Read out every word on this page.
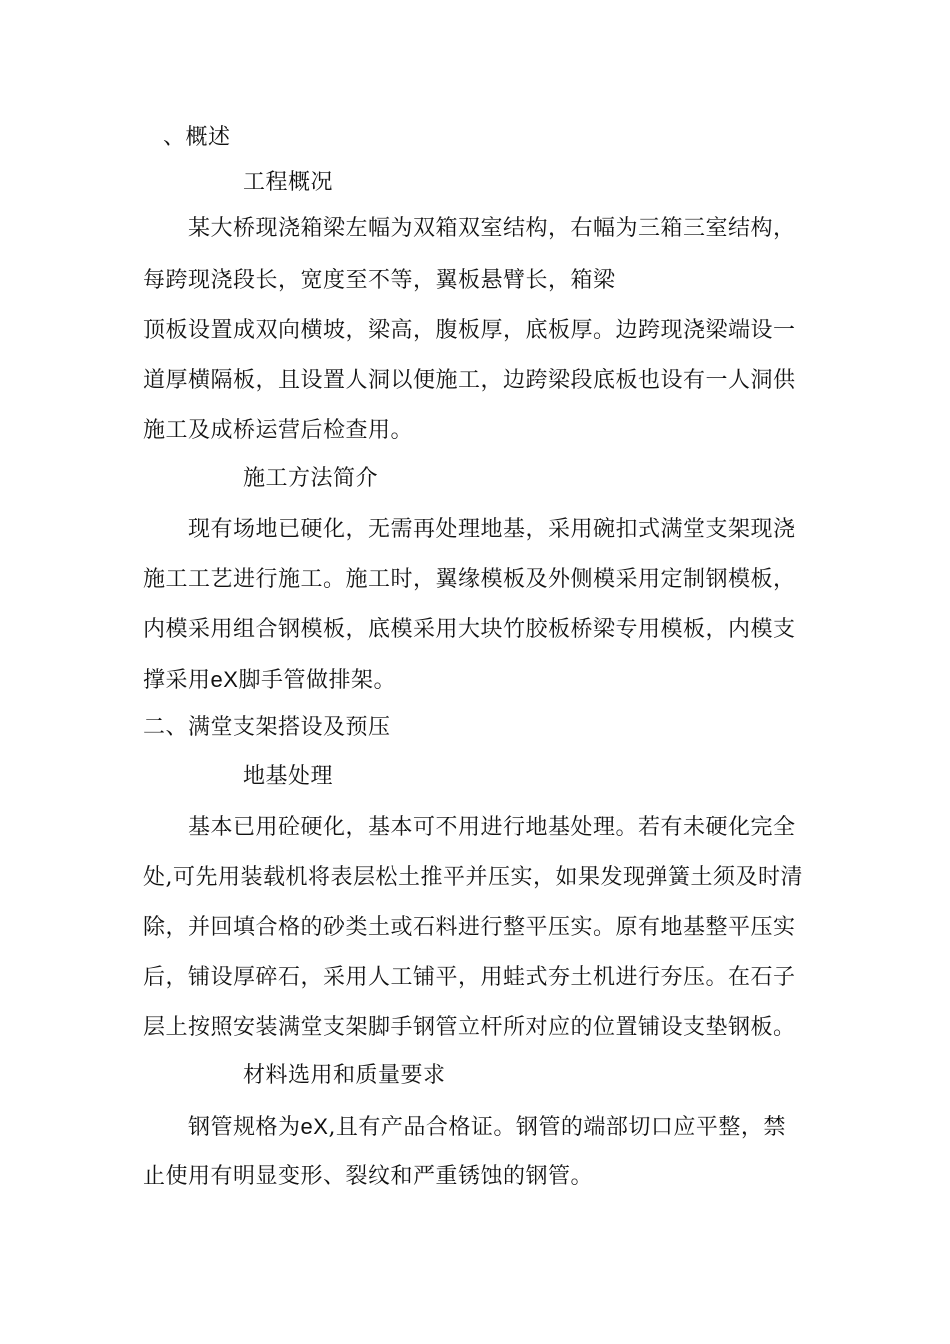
、概述
工程概况
某大桥现浇箱梁左幅为双箱双室结构，右幅为三箱三室结构，
每跨现浇段长，宽度至不等，翼板悬臂长，箱梁
顶板设置成双向横坡，梁高，腹板厚，底板厚。边跨现浇梁端设一
道厚横隔板，且设置人洞以便施工，边跨梁段底板也设有一人洞供
施工及成桥运营后检查用。
施工方法简介
现有场地已硬化，无需再处理地基，采用碗扣式满堂支架现浇
施工工艺进行施工。施工时，翼缘模板及外侧模采用定制钢模板，
内模采用组合钢模板，底模采用大块竹胶板桥梁专用模板，内模支
撑采用eX脚手管做排架。
二、满堂支架搭设及预压
地基处理
基本已用砼硬化，基本可不用进行地基处理。若有未硬化完全
处,可先用装载机将表层松土推平并压实，如果发现弹簧土须及时清
除，并回填合格的砂类土或石料进行整平压实。原有地基整平压实
后，铺设厚碎石，采用人工铺平，用蛙式夯土机进行夯压。在石子
层上按照安装满堂支架脚手钢管立杆所对应的位置铺设支垫钢板。
材料选用和质量要求
钢管规格为eX,且有产品合格证。钢管的端部切口应平整，禁
止使用有明显变形、裂纹和严重锈蚀的钢管。
